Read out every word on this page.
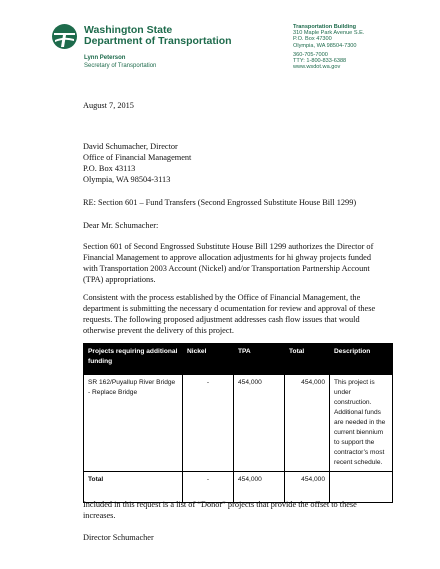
Washington State
Department of Transportation
Lynn Peterson
Secretary of Transportation
Transportation Building
310 Maple Park Avenue S.E.
P.O. Box 47300
Olympia, WA 98504-7300
360-705-7000
TTY: 1-800-833-6388
www.wsdot.wa.gov
August 7, 2015
David Schumacher, Director
Office of Financial Management
P.O. Box 43113
Olympia, WA 98504-3113
RE: Section 601 – Fund Transfers (Second Engrossed Substitute House Bill 1299)
Dear Mr. Schumacher:
Section 601 of Second Engrossed Substitute House Bill 1299 authorizes the Director of
Financial Management to approve allocation adjustments for hi ghway projects funded
with Transportation 2003 Account (Nickel) and/or Transportation Partnership Account
(TPA) appropriations.
Consistent with the process established by the Office of Financial Management, the
department is submitting the necessary d ocumentation for review and approval of these
requests. The following proposed adjustment addresses cash flow issues that would
otherwise prevent the delivery of this project.
Projects requiring additional funding	Nickel	TPA	Total	Description
SR 162/Puyallup River Bridge - Replace Bridge	-	454,000	454,000	This project is under construction. Additional funds are needed in the current biennium to support the contractor’s most recent schedule.
Total	-	454,000	454,000	
Included in this request is a list of “Donor” projects that provide the offset to these
increases.
Director Schumacher
